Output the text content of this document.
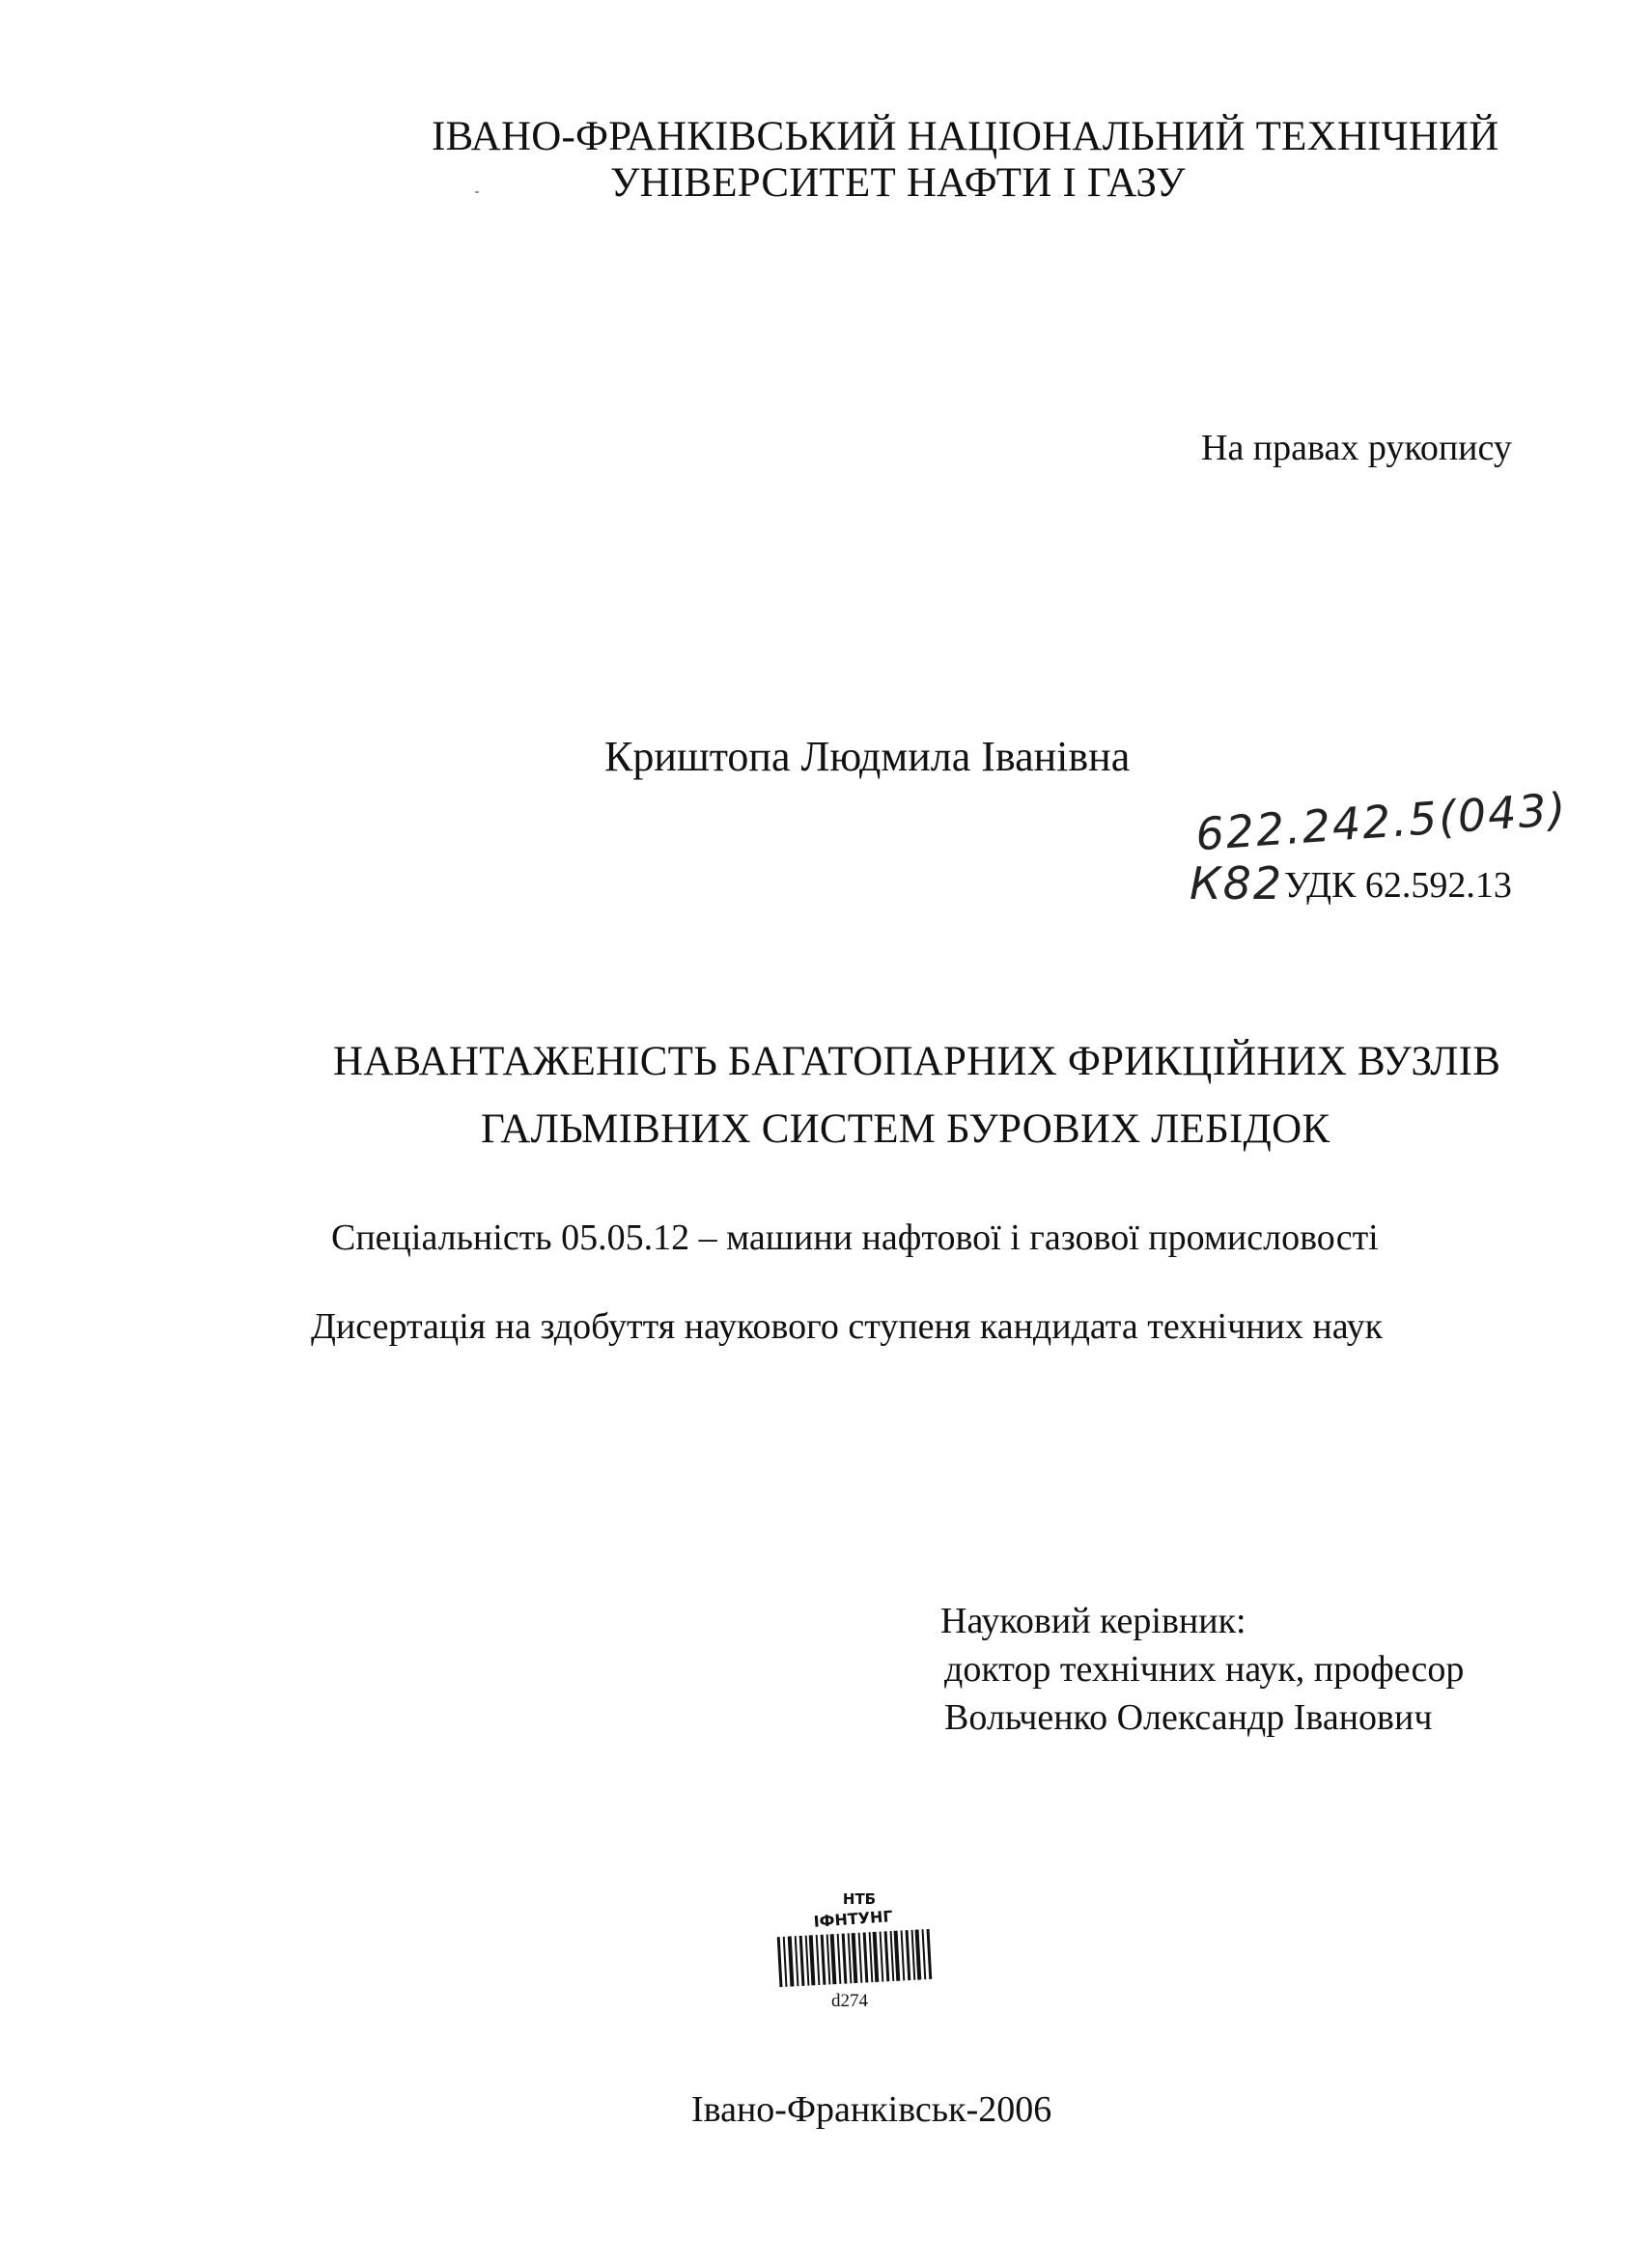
ІВАНО-ФРАНКІВСЬКИЙ НАЦІОНАЛЬНИЙ ТЕХНІЧНИЙ
УНІВЕРСИТЕТ НАФТИ І ГАЗУ
На правах рукопису
Криштопа Людмила Іванівна
622.242.5(043)
К82 УДК 62.592.13
НАВАНТАЖЕНІСТЬ БАГАТОПАРНИХ ФРИКЦІЙНИХ ВУЗЛІВ
ГАЛЬМІВНИХ СИСТЕМ БУРОВИХ ЛЕБІДОК
Спеціальність 05.05.12 – машини нафтової і газової промисловості
Дисертація на здобуття наукового ступеня кандидата технічних наук
Науковий керівник:
доктор технічних наук, професор
Вольченко Олександр Іванович
НТБ
ІФНТУНГ
d274
Івано-Франківськ-2006
